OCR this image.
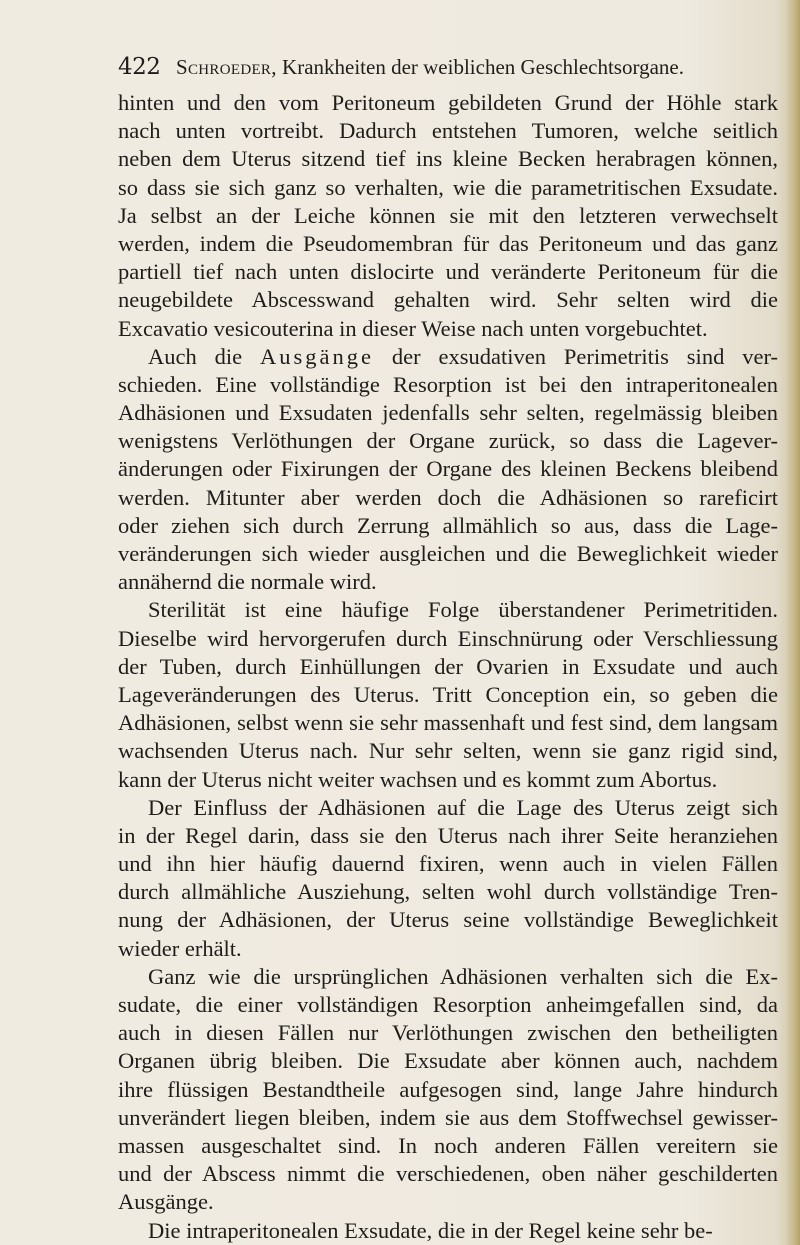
422 Schroeder, Krankheiten der weiblichen Geschlechtsorgane.
hinten und den vom Peritoneum gebildeten Grund der Höhle stark
nach unten vortreibt. Dadurch entstehen Tumoren, welche seitlich
neben dem Uterus sitzend tief ins kleine Becken herabragen können,
so dass sie sich ganz so verhalten, wie die parametritischen Exsudate.
Ja selbst an der Leiche können sie mit den letzteren verwechselt
werden, indem die Pseudomembran für das Peritoneum und das ganz
partiell tief nach unten dislocirte und veränderte Peritoneum für die
neugebildete Abscesswand gehalten wird. Sehr selten wird die
Excavatio vesicouterina in dieser Weise nach unten vorgebuchtet.
Auch die Ausgänge der exsudativen Perimetritis sind ver-
schieden. Eine vollständige Resorption ist bei den intraperitonealen
Adhäsionen und Exsudaten jedenfalls sehr selten, regelmässig bleiben
wenigstens Verlöthungen der Organe zurück, so dass die Lagever-
änderungen oder Fixirungen der Organe des kleinen Beckens bleibend
werden. Mitunter aber werden doch die Adhäsionen so rareficirt
oder ziehen sich durch Zerrung allmählich so aus, dass die Lage-
veränderungen sich wieder ausgleichen und die Beweglichkeit wieder
annähernd die normale wird.
Sterilität ist eine häufige Folge überstandener Perimetritiden.
Dieselbe wird hervorgerufen durch Einschnürung oder Verschliessung
der Tuben, durch Einhüllungen der Ovarien in Exsudate und auch
Lageveränderungen des Uterus. Tritt Conception ein, so geben die
Adhäsionen, selbst wenn sie sehr massenhaft und fest sind, dem langsam
wachsenden Uterus nach. Nur sehr selten, wenn sie ganz rigid sind,
kann der Uterus nicht weiter wachsen und es kommt zum Abortus.
Der Einfluss der Adhäsionen auf die Lage des Uterus zeigt sich
in der Regel darin, dass sie den Uterus nach ihrer Seite heranziehen
und ihn hier häufig dauernd fixiren, wenn auch in vielen Fällen
durch allmähliche Ausziehung, selten wohl durch vollständige Tren-
nung der Adhäsionen, der Uterus seine vollständige Beweglichkeit
wieder erhält.
Ganz wie die ursprünglichen Adhäsionen verhalten sich die Ex-
sudate, die einer vollständigen Resorption anheimgefallen sind, da
auch in diesen Fällen nur Verlöthungen zwischen den betheiligten
Organen übrig bleiben. Die Exsudate aber können auch, nachdem
ihre flüssigen Bestandtheile aufgesogen sind, lange Jahre hindurch
unverändert liegen bleiben, indem sie aus dem Stoffwechsel gewisser-
massen ausgeschaltet sind. In noch anderen Fällen vereitern sie
und der Abscess nimmt die verschiedenen, oben näher geschilderten
Ausgänge.
Die intraperitonealen Exsudate, die in der Regel keine sehr be-
